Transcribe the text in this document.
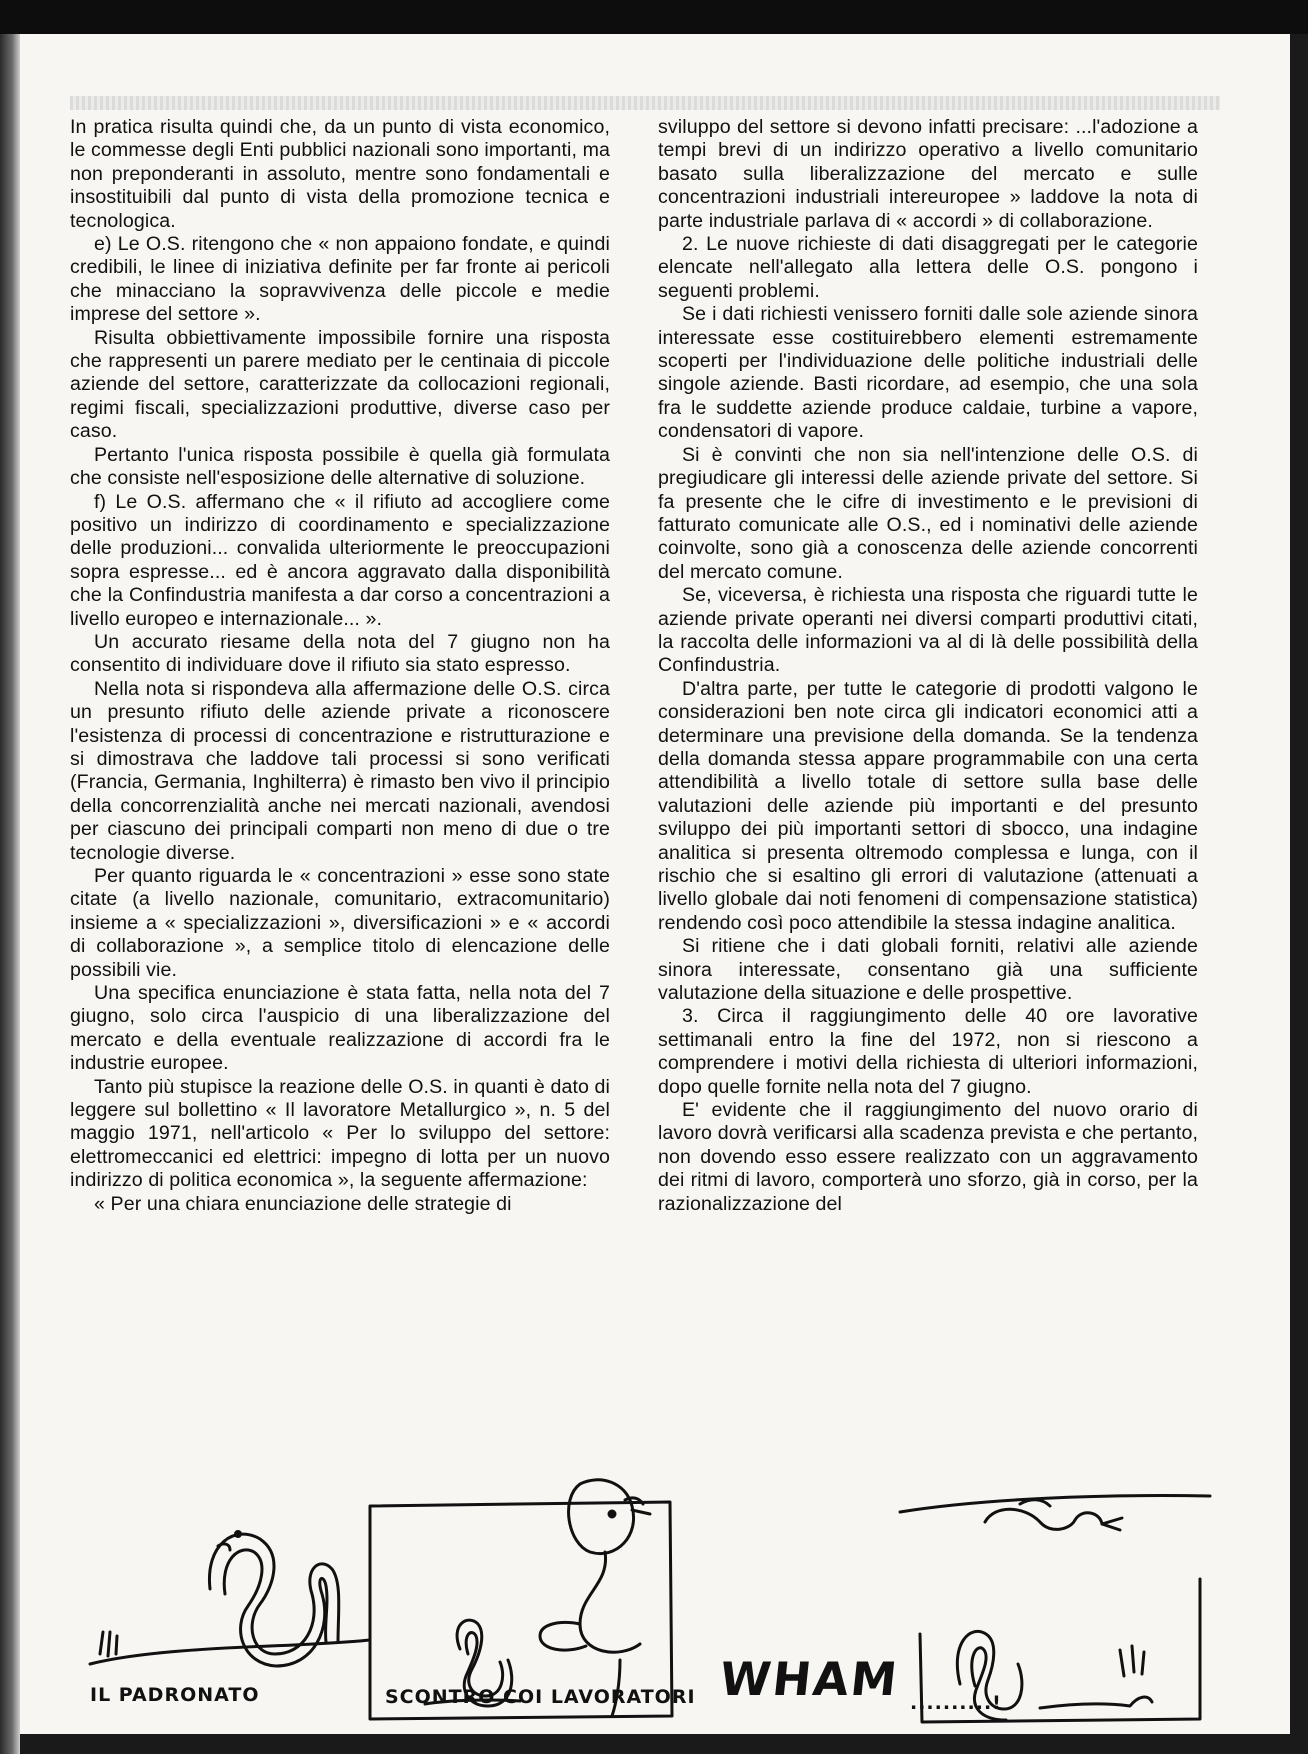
In pratica risulta quindi che, da un punto di vista economico, le commesse degli Enti pubblici nazionali sono importanti, ma non preponderanti in assoluto, mentre sono fondamentali e insostituibili dal punto di vista della promozione tecnica e tecnologica.

e) Le O.S. ritengono che « non appaiono fondate, e quindi credibili, le linee di iniziativa definite per far fronte ai pericoli che minacciano la sopravvivenza delle piccole e medie imprese del settore ».

Risulta obbiettivamente impossibile fornire una risposta che rappresenti un parere mediato per le centinaia di piccole aziende del settore, caratterizzate da collocazioni regionali, regimi fiscali, specializzazioni produttive, diverse caso per caso.

Pertanto l'unica risposta possibile è quella già formulata che consiste nell'esposizione delle alternative di soluzione.

f) Le O.S. affermano che « il rifiuto ad accogliere come positivo un indirizzo di coordinamento e specializzazione delle produzioni... convalida ulteriormente le preoccupazioni sopra espresse... ed è ancora aggravato dalla disponibilità che la Confindustria manifesta a dar corso a concentrazioni a livello europeo e internazionale... ».

Un accurato riesame della nota del 7 giugno non ha consentito di individuare dove il rifiuto sia stato espresso.

Nella nota si rispondeva alla affermazione delle O.S. circa un presunto rifiuto delle aziende private a riconoscere l'esistenza di processi di concentrazione e ristrutturazione e si dimostrava che laddove tali processi si sono verificati (Francia, Germania, Inghilterra) è rimasto ben vivo il principio della concorrenzialità anche nei mercati nazionali, avendosi per ciascuno dei principali comparti non meno di due o tre tecnologie diverse.

Per quanto riguarda le « concentrazioni » esse sono state citate (a livello nazionale, comunitario, extracomunitario) insieme a « specializzazioni », diversificazioni » e « accordi di collaborazione », a semplice titolo di elencazione delle possibili vie.

Una specifica enunciazione è stata fatta, nella nota del 7 giugno, solo circa l'auspicio di una liberalizzazione del mercato e della eventuale realizzazione di accordi fra le industrie europee.

Tanto più stupisce la reazione delle O.S. in quanti è dato di leggere sul bollettino « Il lavoratore Metallurgico », n. 5 del maggio 1971, nell'articolo « Per lo sviluppo del settore: elettromeccanici ed elettrici: impegno di lotta per un nuovo indirizzo di politica economica », la seguente affermazione:

« Per una chiara enunciazione delle strategie di

sviluppo del settore si devono infatti precisare: ...l'adozione a tempi brevi di un indirizzo operativo a livello comunitario basato sulla liberalizzazione del mercato e sulle concentrazioni industriali intereuropee » laddove la nota di parte industriale parlava di « accordi » di collaborazione.

2. Le nuove richieste di dati disaggregati per le categorie elencate nell'allegato alla lettera delle O.S. pongono i seguenti problemi.

Se i dati richiesti venissero forniti dalle sole aziende sinora interessate esse costituirebbero elementi estremamente scoperti per l'individuazione delle politiche industriali delle singole aziende. Basti ricordare, ad esempio, che una sola fra le suddette aziende produce caldaie, turbine a vapore, condensatori di vapore.

Si è convinti che non sia nell'intenzione delle O.S. di pregiudicare gli interessi delle aziende private del settore. Si fa presente che le cifre di investimento e le previsioni di fatturato comunicate alle O.S., ed i nominativi delle aziende coinvolte, sono già a conoscenza delle aziende concorrenti del mercato comune.

Se, viceversa, è richiesta una risposta che riguardi tutte le aziende private operanti nei diversi comparti produttivi citati, la raccolta delle informazioni va al di là delle possibilità della Confindustria.

D'altra parte, per tutte le categorie di prodotti valgono le considerazioni ben note circa gli indicatori economici atti a determinare una previsione della domanda. Se la tendenza della domanda stessa appare programmabile con una certa attendibilità a livello totale di settore sulla base delle valutazioni delle aziende più importanti e del presunto sviluppo dei più importanti settori di sbocco, una indagine analitica si presenta oltremodo complessa e lunga, con il rischio che si esaltino gli errori di valutazione (attenuati a livello globale dai noti fenomeni di compensazione statistica) rendendo così poco attendibile la stessa indagine analitica.

Si ritiene che i dati globali forniti, relativi alle aziende sinora interessate, consentano già una sufficiente valutazione della situazione e delle prospettive.

3. Circa il raggiungimento delle 40 ore lavorative settimanali entro la fine del 1972, non si riescono a comprendere i motivi della richiesta di ulteriori informazioni, dopo quelle fornite nella nota del 7 giugno.

E' evidente che il raggiungimento del nuovo orario di lavoro dovrà verificarsi alla scadenza prevista e che pertanto, non dovendo esso essere realizzato con un aggravamento dei ritmi di lavoro, comporterà uno sforzo, già in corso, per la razionalizzazione del

WHAM
IL PADRONATO	SCONTRO COI LAVORATORI	..........!
